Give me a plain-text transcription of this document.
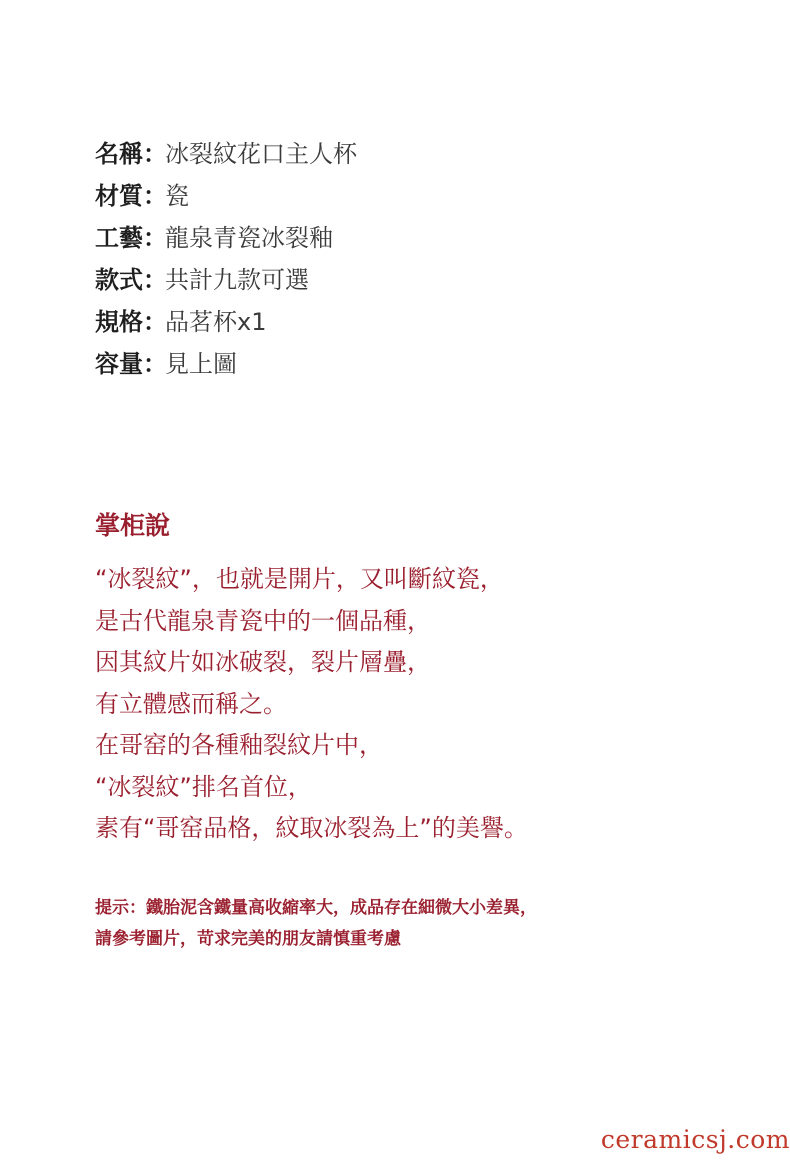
名稱：冰裂紋花口主人杯
材質：瓷
工藝：龍泉青瓷冰裂釉
款式：共計九款可選
規格：品茗杯x1
容量：見上圖
掌柜說
“冰裂紋”，也就是開片，又叫斷紋瓷，
是古代龍泉青瓷中的一個品種，
因其紋片如冰破裂，裂片層疊，
有立體感而稱之。
在哥窑的各種釉裂紋片中，
“冰裂紋”排名首位，
素有“哥窑品格，紋取冰裂為上”的美譽。
提示：鐵胎泥含鐵量高收縮率大，成品存在細微大小差異，
請參考圖片，苛求完美的朋友請慎重考慮
ceramicsj.com
